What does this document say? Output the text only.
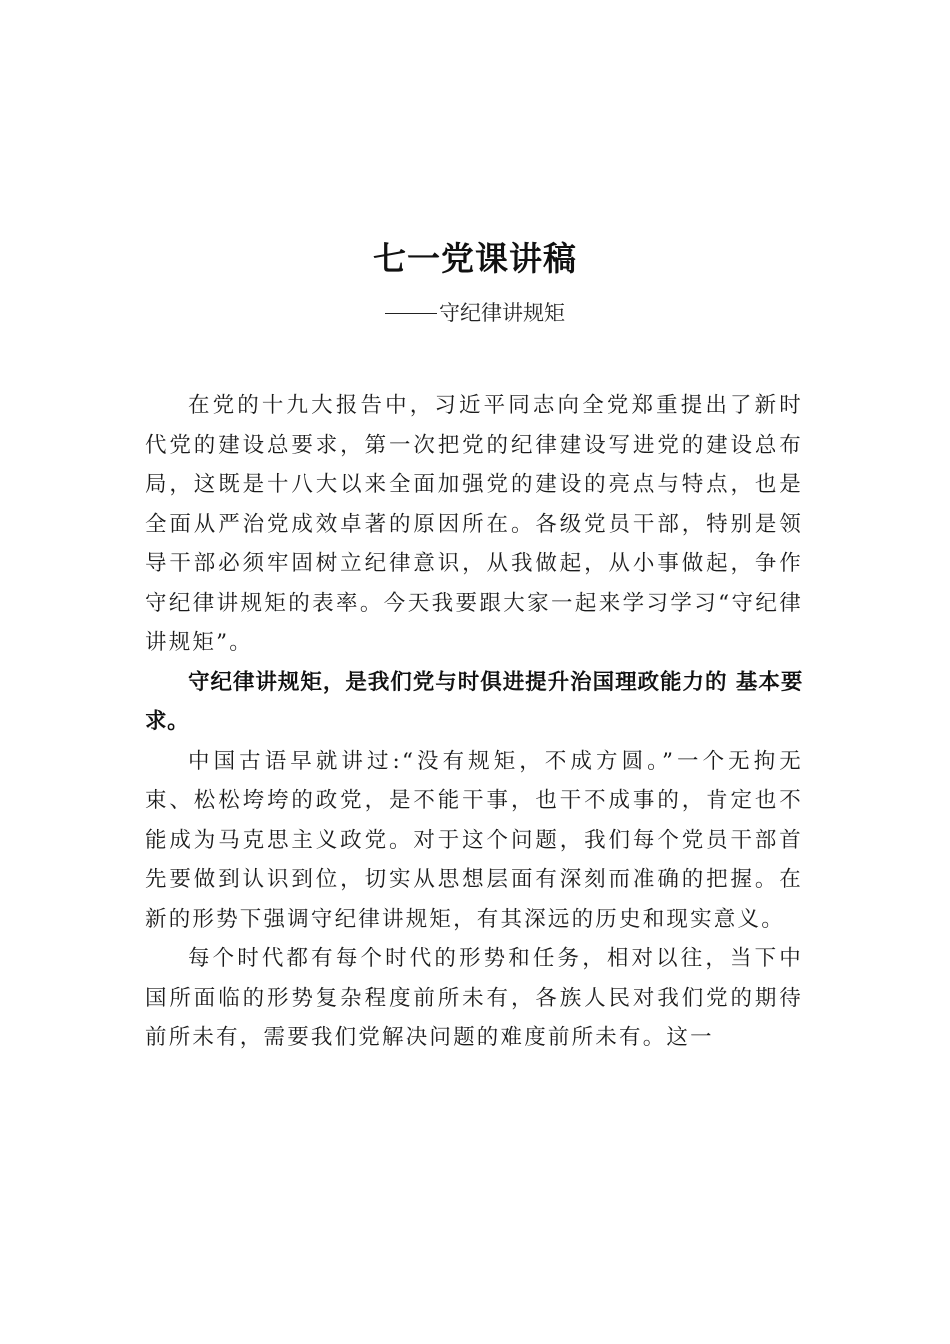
七一党课讲稿
守纪律讲规矩

在党的十九大报告中，习近平同志向全党郑重提出了新时代党的建设总要求，第一次把党的纪律建设写进党的建设总布局，这既是十八大以来全面加强党的建设的亮点与特点，也是全面从严治党成效卓著的原因所在。各级党员干部，特别是领导干部必须牢固树立纪律意识，从我做起，从小事做起，争作守纪律讲规矩的表率。今天我要跟大家一起来学习学习“守纪律讲规矩”。

守纪律讲规矩，是我们党与时俱进提升治国理政能力的 基本要求。

中国古语早就讲过:“没有规矩，不成方圆。”一个无拘无束、松松垮垮的政党，是不能干事，也干不成事的，肯定也不能成为马克思主义政党。对于这个问题，我们每个党员干部首先要做到认识到位，切实从思想层面有深刻而准确的把握。在新的形势下强调守纪律讲规矩，有其深远的历史和现实意义。

每个时代都有每个时代的形势和任务，相对以往，当下中国所面临的形势复杂程度前所未有，各族人民对我们党的期待前所未有，需要我们党解决问题的难度前所未有。这一
